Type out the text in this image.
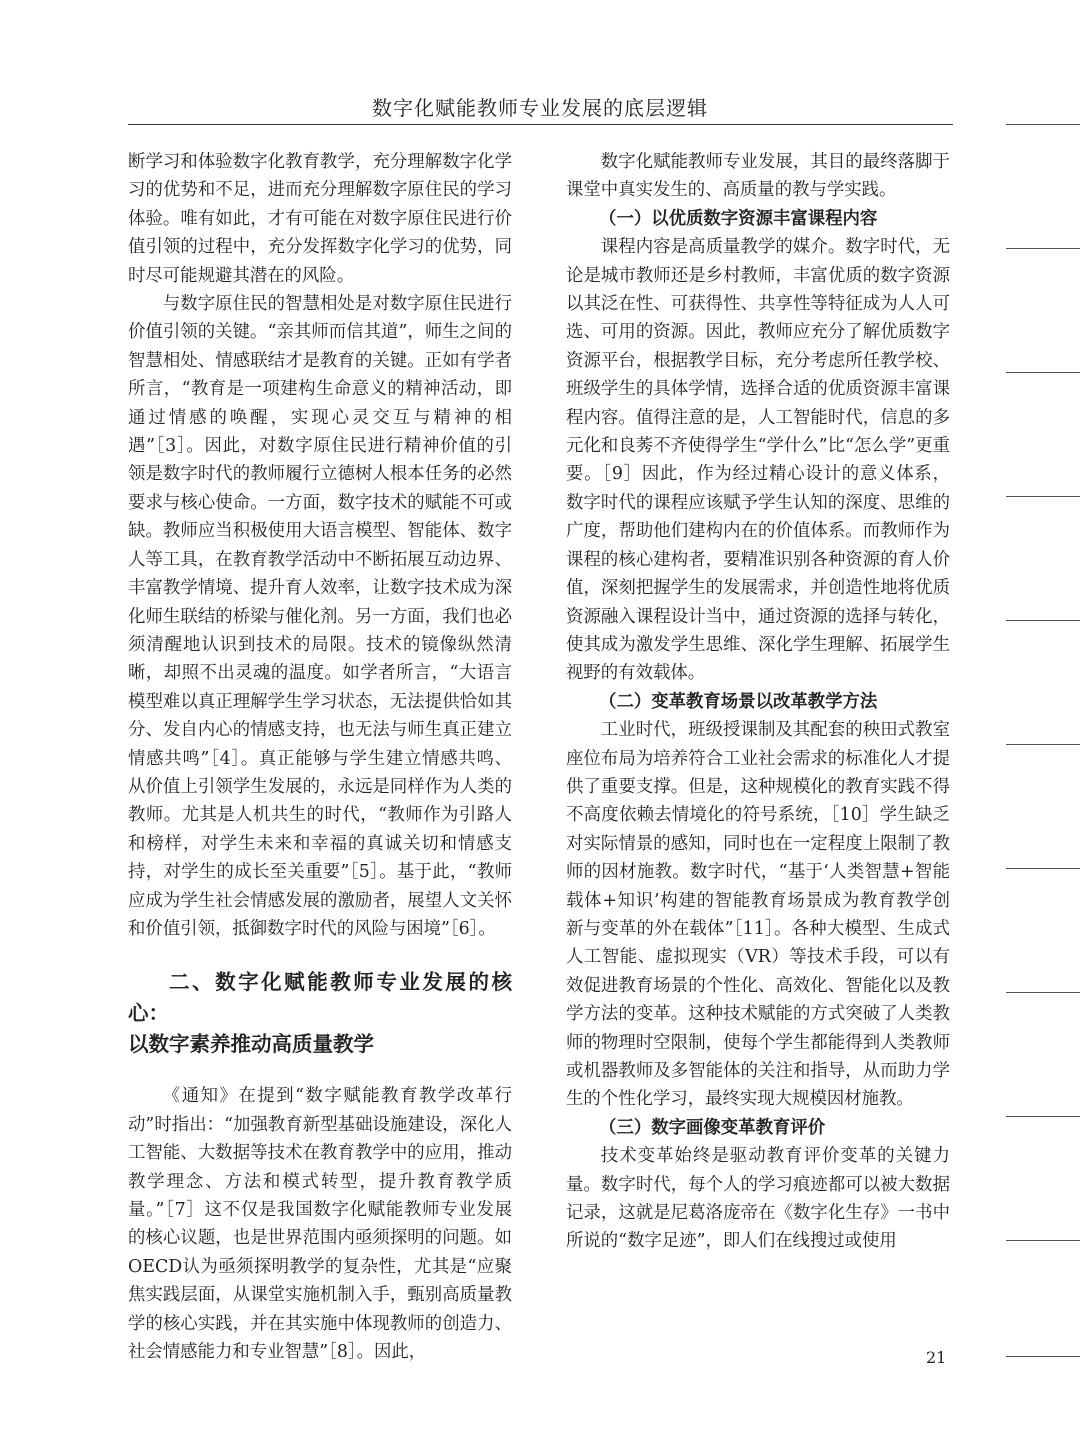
数字化赋能教师专业发展的底层逻辑

断学习和体验数字化教育教学，充分理解数字化学习的优势和不足，进而充分理解数字原住民的学习体验。唯有如此，才有可能在对数字原住民进行价值引领的过程中，充分发挥数字化学习的优势，同时尽可能规避其潜在的风险。

与数字原住民的智慧相处是对数字原住民进行价值引领的关键。“亲其师而信其道”，师生之间的智慧相处、情感联结才是教育的关键。正如有学者所言，“教育是一项建构生命意义的精神活动，即通过情感的唤醒，实现心灵交互与精神的相遇”［3］。因此，对数字原住民进行精神价值的引领是数字时代的教师履行立德树人根本任务的必然要求与核心使命。一方面，数字技术的赋能不可或缺。教师应当积极使用大语言模型、智能体、数字人等工具，在教育教学活动中不断拓展互动边界、丰富教学情境、提升育人效率，让数字技术成为深化师生联结的桥梁与催化剂。另一方面，我们也必须清醒地认识到技术的局限。技术的镜像纵然清晰，却照不出灵魂的温度。如学者所言，“大语言模型难以真正理解学生学习状态，无法提供恰如其分、发自内心的情感支持，也无法与师生真正建立情感共鸣”［4］。真正能够与学生建立情感共鸣、从价值上引领学生发展的，永远是同样作为人类的教师。尤其是人机共生的时代，“教师作为引路人和榜样，对学生未来和幸福的真诚关切和情感支持，对学生的成长至关重要”［5］。基于此，“教师应成为学生社会情感发展的激励者，展望人文关怀和价值引领，抵御数字时代的风险与困境”［6］。

二、数字化赋能教师专业发展的核心：
以数字素养推动高质量教学

《通知》在提到“数字赋能教育教学改革行动”时指出：“加强教育新型基础设施建设，深化人工智能、大数据等技术在教育教学中的应用，推动教学理念、方法和模式转型，提升教育教学质量。”［7］这不仅是我国数字化赋能教师专业发展的核心议题，也是世界范围内亟须探明的问题。如OECD认为亟须探明教学的复杂性，尤其是“应聚焦实践层面，从课堂实施机制入手，甄别高质量教学的核心实践，并在其实施中体现教师的创造力、社会情感能力和专业智慧”［8］。因此，

数字化赋能教师专业发展，其目的最终落脚于课堂中真实发生的、高质量的教与学实践。

（一）以优质数字资源丰富课程内容

课程内容是高质量教学的媒介。数字时代，无论是城市教师还是乡村教师，丰富优质的数字资源以其泛在性、可获得性、共享性等特征成为人人可选、可用的资源。因此，教师应充分了解优质数字资源平台，根据教学目标，充分考虑所任教学校、班级学生的具体学情，选择合适的优质资源丰富课程内容。值得注意的是，人工智能时代，信息的多元化和良莠不齐使得学生“学什么”比“怎么学”更重要。［9］因此，作为经过精心设计的意义体系，数字时代的课程应该赋予学生认知的深度、思维的广度，帮助他们建构内在的价值体系。而教师作为课程的核心建构者，要精准识别各种资源的育人价值，深刻把握学生的发展需求，并创造性地将优质资源融入课程设计当中，通过资源的选择与转化，使其成为激发学生思维、深化学生理解、拓展学生视野的有效载体。

（二）变革教育场景以改革教学方法

工业时代，班级授课制及其配套的秧田式教室座位布局为培养符合工业社会需求的标准化人才提供了重要支撑。但是，这种规模化的教育实践不得不高度依赖去情境化的符号系统，［10］学生缺乏对实际情景的感知，同时也在一定程度上限制了教师的因材施教。数字时代，“基于‘人类智慧+智能载体+知识’构建的智能教育场景成为教育教学创新与变革的外在载体”［11］。各种大模型、生成式人工智能、虚拟现实（VR）等技术手段，可以有效促进教育场景的个性化、高效化、智能化以及教学方法的变革。这种技术赋能的方式突破了人类教师的物理时空限制，使每个学生都能得到人类教师或机器教师及多智能体的关注和指导，从而助力学生的个性化学习，最终实现大规模因材施教。

（三）数字画像变革教育评价

技术变革始终是驱动教育评价变革的关键力量。数字时代，每个人的学习痕迹都可以被大数据记录，这就是尼葛洛庞帝在《数字化生存》一书中所说的“数字足迹”，即人们在线搜过或使用

21
